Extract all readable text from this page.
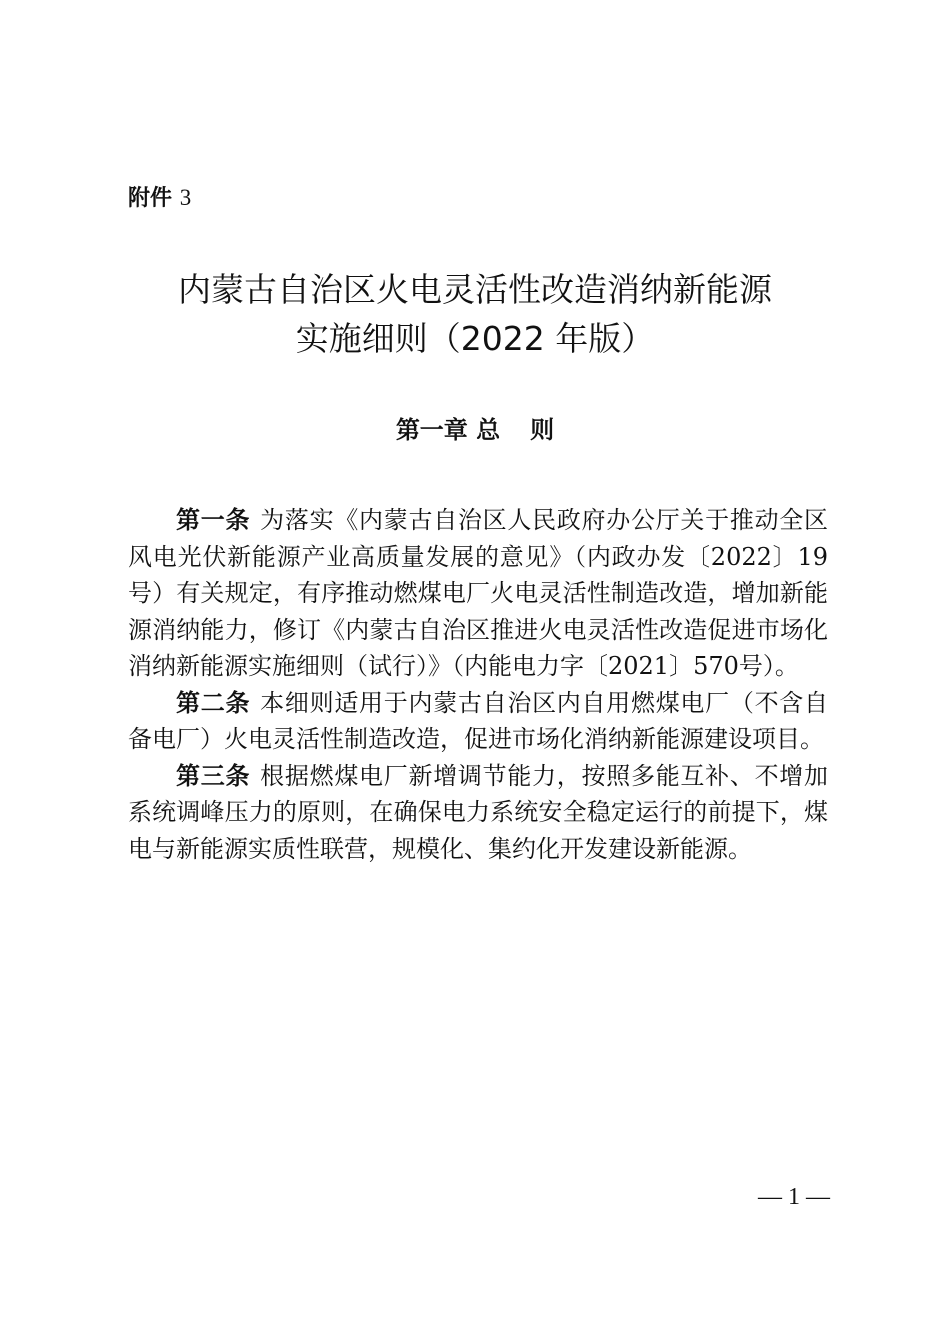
附件 3
内蒙古自治区火电灵活性改造消纳新能源
实施细则（2022 年版）
第一章 总 则

第一条 为落实《内蒙古自治区人民政府办公厅关于推动全区风电光伏新能源产业高质量发展的意见》（内政办发〔2022〕19号）有关规定，有序推动燃煤电厂火电灵活性制造改造，增加新能源消纳能力，修订《内蒙古自治区推进火电灵活性改造促进市场化消纳新能源实施细则（试行）》（内能电力字〔2021〕570号）。

第二条 本细则适用于内蒙古自治区内自用燃煤电厂（不含自备电厂）火电灵活性制造改造，促进市场化消纳新能源建设项目。

第三条 根据燃煤电厂新增调节能力，按照多能互补、不增加系统调峰压力的原则，在确保电力系统安全稳定运行的前提下，煤电与新能源实质性联营，规模化、集约化开发建设新能源。

— 1 —
